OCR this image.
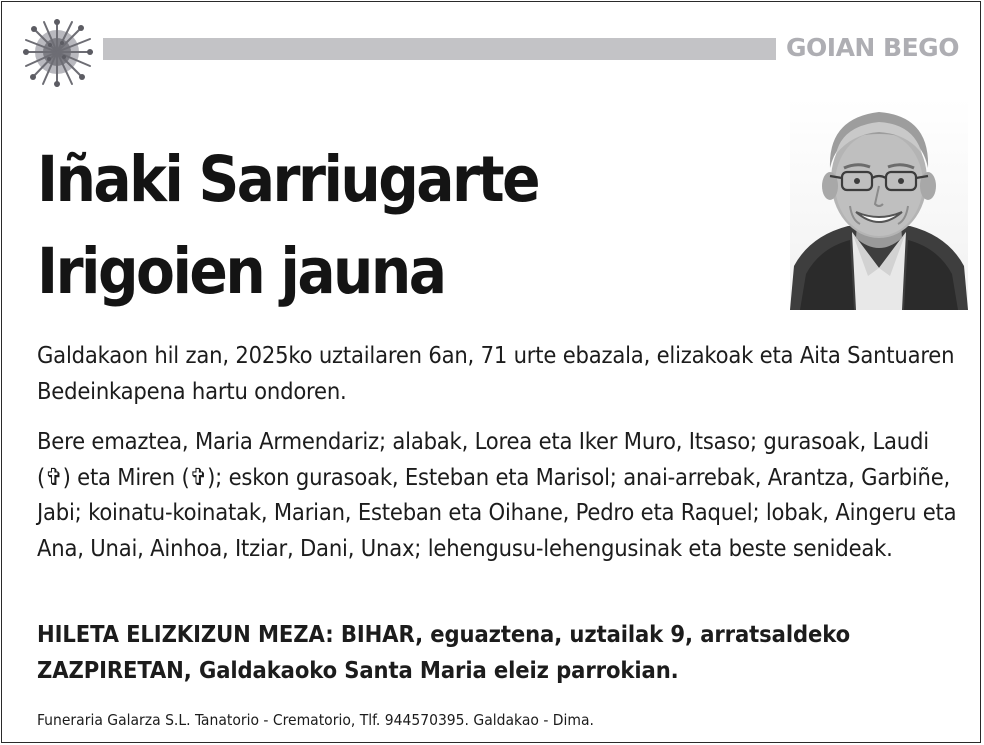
GOIAN BEGO
Iñaki Sarriugarte
Irigoien jauna

Galdakaon hil zan, 2025ko uztailaren 6an, 71 urte ebazala, elizakoak eta Aita Santuaren Bedeinkapena hartu ondoren.

Bere emaztea, Maria Armendariz; alabak, Lorea eta Iker Muro, Itsaso; gurasoak, Laudi (✞) eta Miren (✞); eskon gurasoak, Esteban eta Marisol; anai-arrebak, Arantza, Garbiñe, Jabi; koinatu-koinatak, Marian, Esteban eta Oihane, Pedro eta Raquel; lobak, Aingeru eta Ana, Unai, Ainhoa, Itziar, Dani, Unax; lehengusu-lehengusinak eta beste senideak.

HILETA ELIZKIZUN MEZA: BIHAR, eguaztena, uztailak 9, arratsaldeko ZAZPIRETAN, Galdakaoko Santa Maria eleiz parrokian.

Funeraria Galarza S.L. Tanatorio - Crematorio, Tlf. 944570395. Galdakao - Dima.
